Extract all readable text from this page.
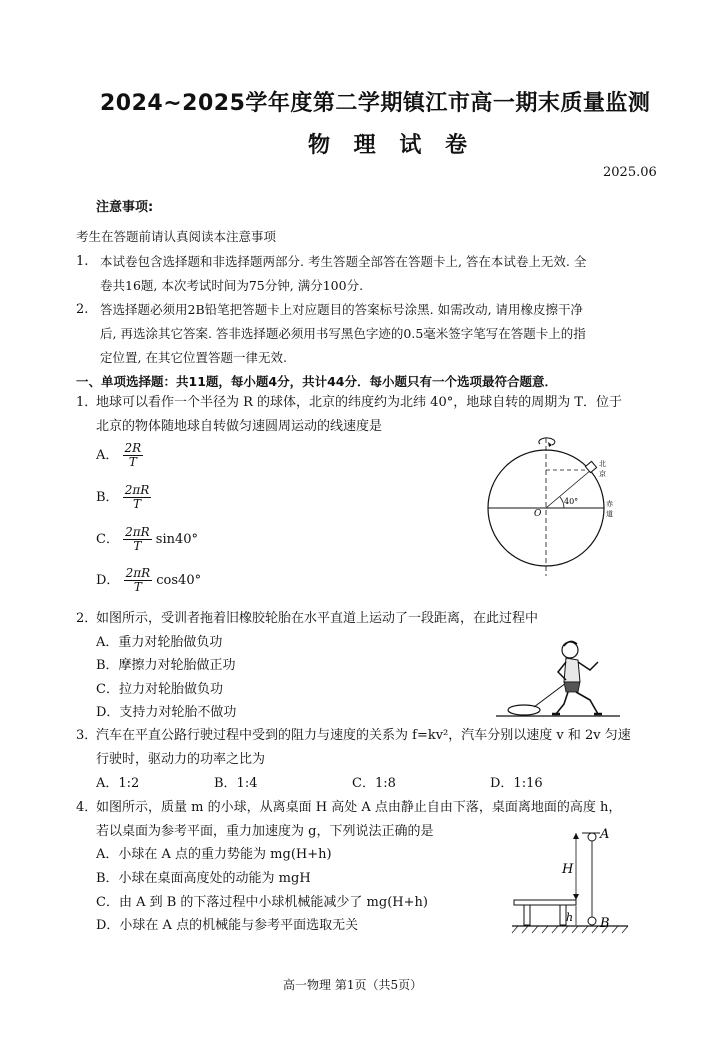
2024~2025学年度第二学期镇江市高一期末质量监测
物 理 试 卷
2025.06
注意事项:
考生在答题前请认真阅读本注意事项
1. 本试卷包含选择题和非选择题两部分. 考生答题全部答在答题卡上, 答在本试卷上无效. 全
卷共16题, 本次考试时间为75分钟, 满分100分.
2. 答选择题必须用2B铅笔把答题卡上对应题目的答案标号涂黑. 如需改动, 请用橡皮擦干净
后, 再选涂其它答案. 答非选择题必须用书写黑色字迹的0.5毫米签字笔写在答题卡上的指
定位置, 在其它位置答题一律无效.
一、单项选择题：共11题，每小题4分，共计44分．每小题只有一个选项最符合题意．
1．
地球可以看作一个半径为 R 的球体，北京的纬度约为北纬 40°，地球自转的周期为 T．位于
北京的物体随地球自转做匀速圆周运动的线速度是
A． $\frac{2R}{T}$
B． $\frac{2\pi R}{T}$
C． $\frac{2\pi R}{T} \sin 40^\circ$
D． $\frac{2\pi R}{T} \cos 40^\circ$
O
40°
北
京
赤
道
2．
如图所示，受训者拖着旧橡胶轮胎在水平直道上运动了一段距离，在此过程中
A．重力对轮胎做负功
B．摩擦力对轮胎做正功
C．拉力对轮胎做负功
D．支持力对轮胎不做功
3．
汽车在平直公路行驶过程中受到的阻力与速度的关系为 f=kv²，汽车分别以速度 v 和 2v 匀速
行驶时，驱动力的功率之比为
A．1:2	B．1:4	C．1:8	D．1:16
4．
如图所示，质量 m 的小球，从离桌面 H 高处 A 点由静止自由下落，桌面离地面的高度 h，
若以桌面为参考平面，重力加速度为 g，下列说法正确的是
A．小球在 A 点的重力势能为 mg(H+h)
B．小球在桌面高度处的动能为 mgH
C．由 A 到 B 的下落过程中小球机械能减少了 mg(H+h)
D．小球在 A 点的机械能与参考平面选取无关
A
B
H
h
高一物理 第1页（共5页）
